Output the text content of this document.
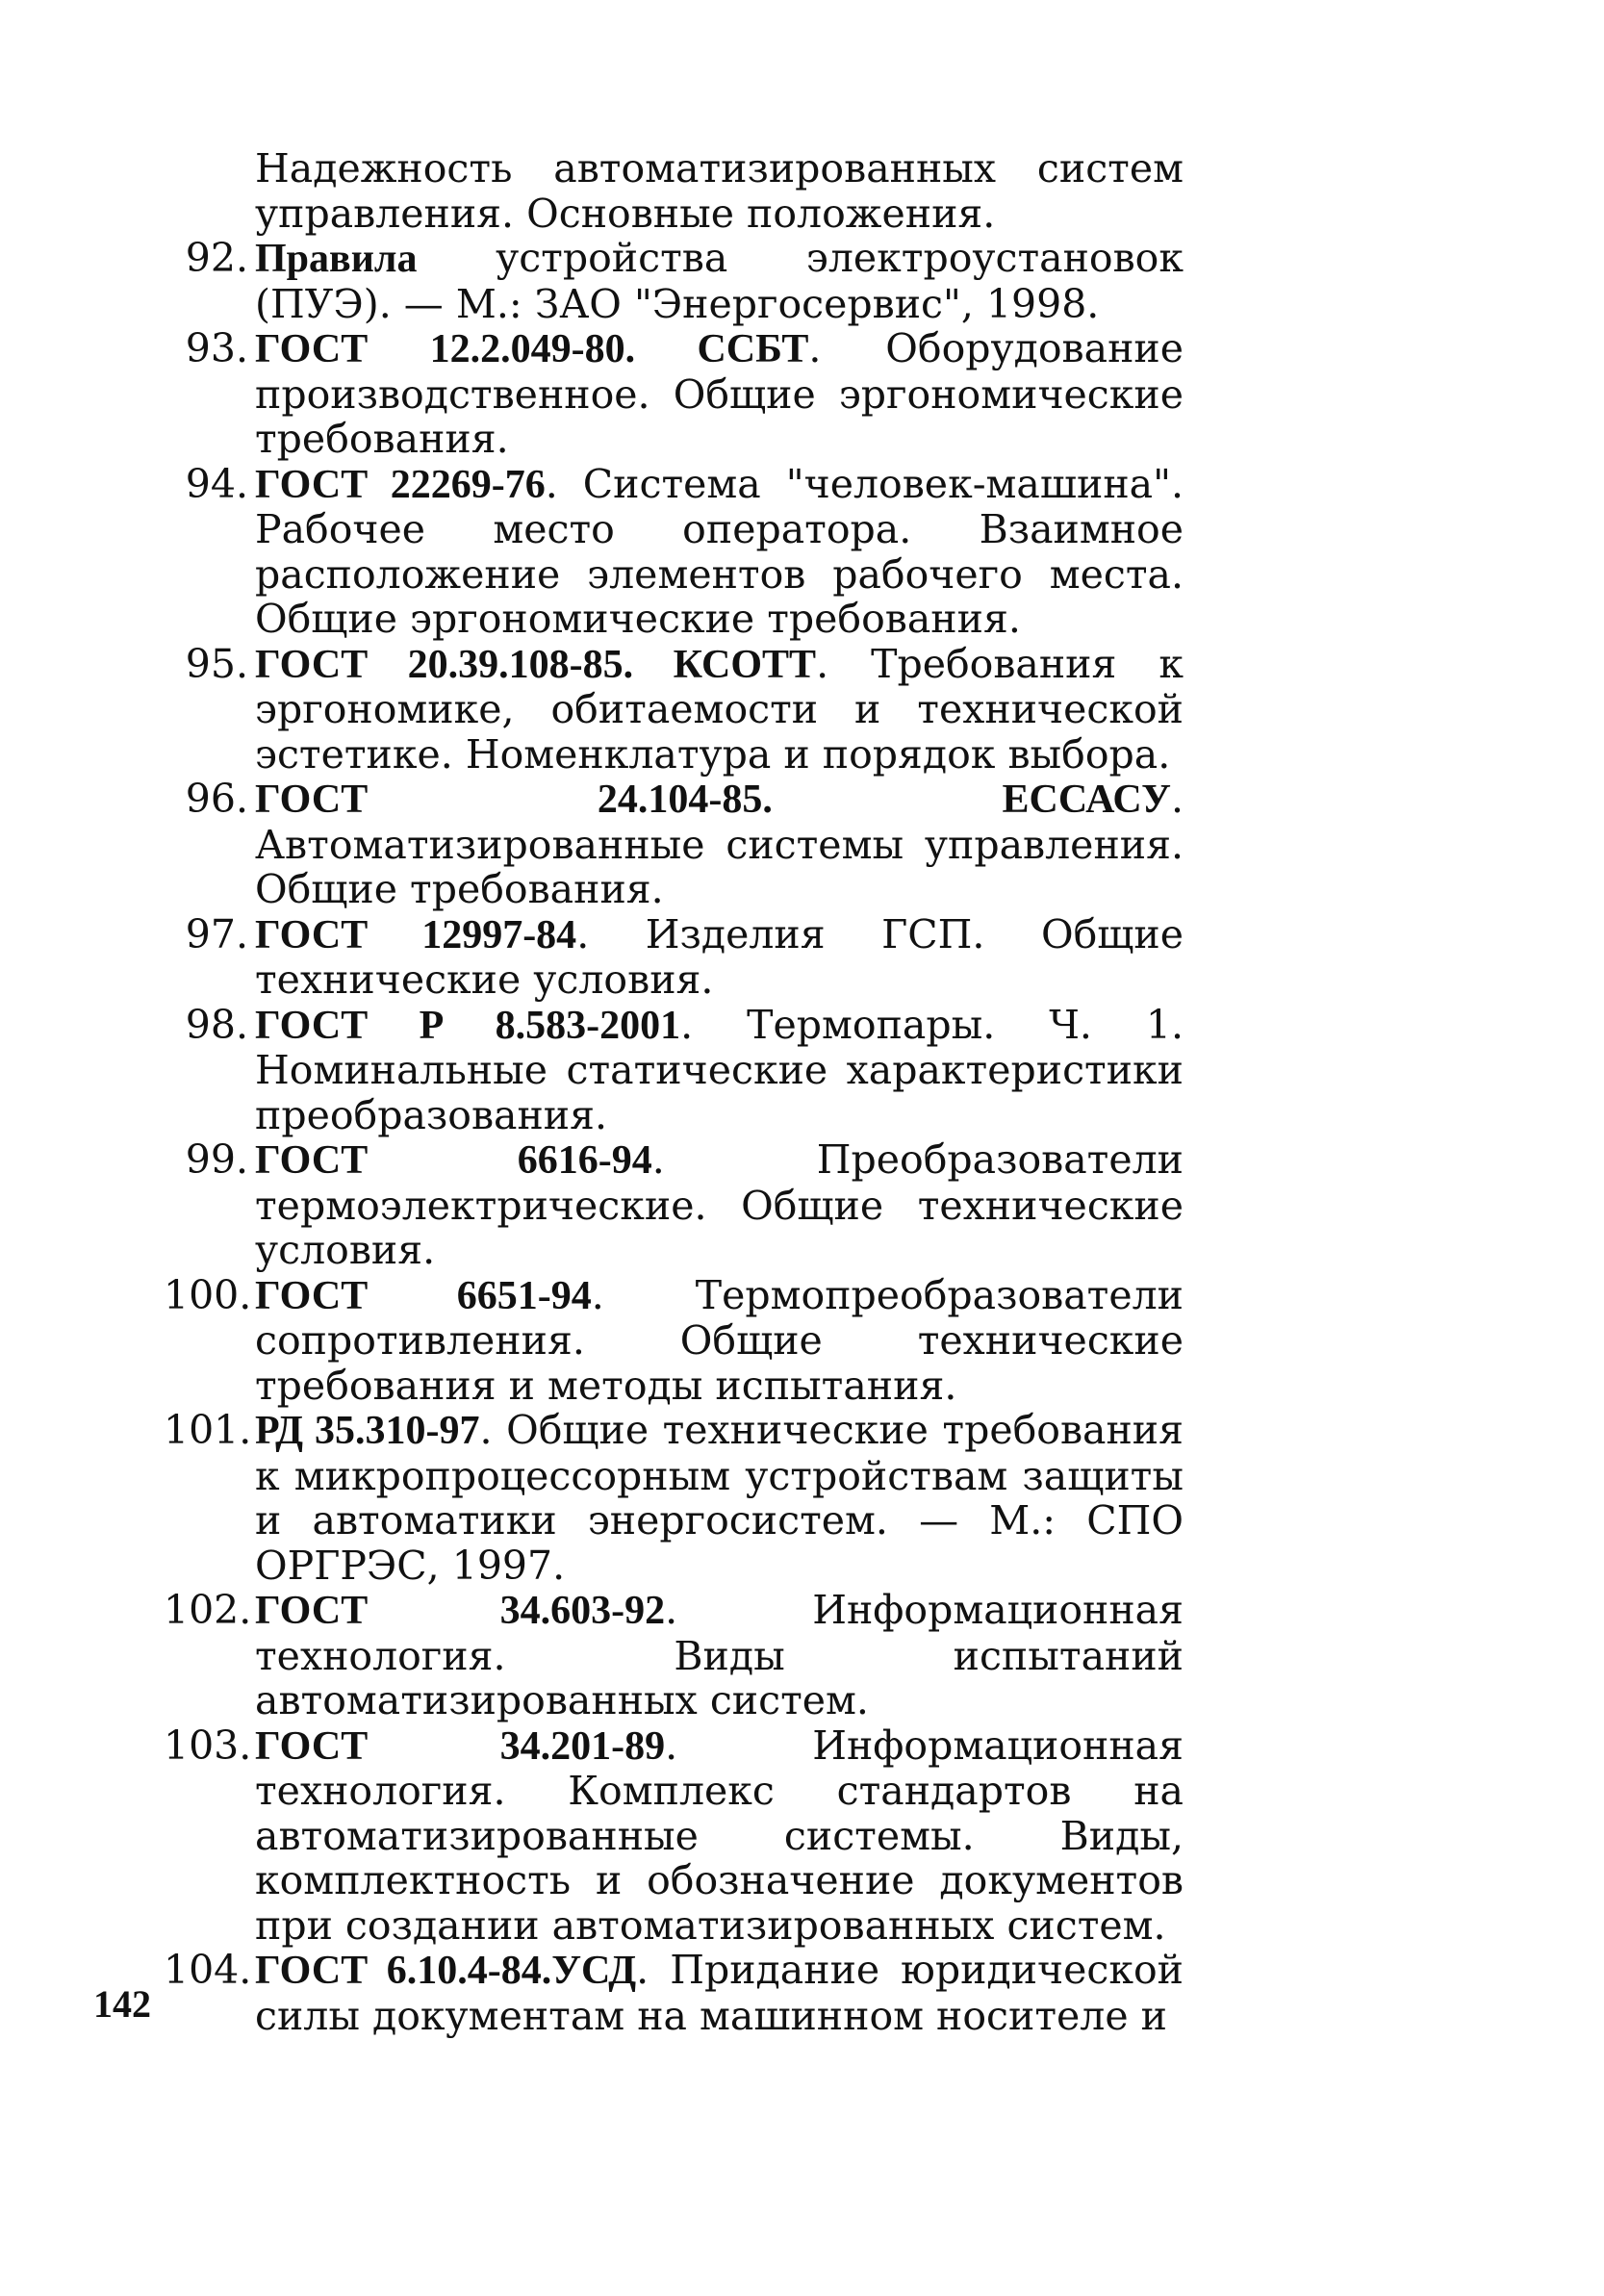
Надежность автоматизированных систем управления. Основные положения.
92. Правила устройства электроустановок (ПУЭ). — М.: ЗАО "Энергосервис", 1998.
93. ГОСТ 12.2.049-80. ССБТ. Оборудование производственное. Общие эргономические требования.
94. ГОСТ 22269-76. Система "человек-машина". Рабочее место оператора. Взаимное расположение элементов рабочего места. Общие эргономические требования.
95. ГОСТ 20.39.108-85. КСОТТ. Требования к эргономике, обитаемости и технической эстетике. Номенклатура и порядок выбора.
96. ГОСТ 24.104-85. ЕССАСУ. Автоматизированные системы управления. Общие требования.
97. ГОСТ 12997-84. Изделия ГСП. Общие технические условия.
98. ГОСТ Р 8.583-2001. Термопары. Ч. 1. Номинальные статические характеристики преобразования.
99. ГОСТ 6616-94. Преобразователи термоэлектрические. Общие технические условия.
100. ГОСТ 6651-94. Термопреобразователи сопротивления. Общие технические требования и методы испытания.
101. РД 35.310-97. Общие технические требования к микропроцессорным устройствам защиты и автоматики энергосистем. — М.: СПО ОРГРЭС, 1997.
102. ГОСТ 34.603-92. Информационная технология. Виды испытаний автоматизированных систем.
103. ГОСТ 34.201-89. Информационная технология. Комплекс стандартов на автоматизированные системы. Виды, комплектность и обозначение документов при создании автоматизированных систем.
104. ГОСТ 6.10.4-84.УСД. Придание юридической силы документам на машинном носителе и
142
